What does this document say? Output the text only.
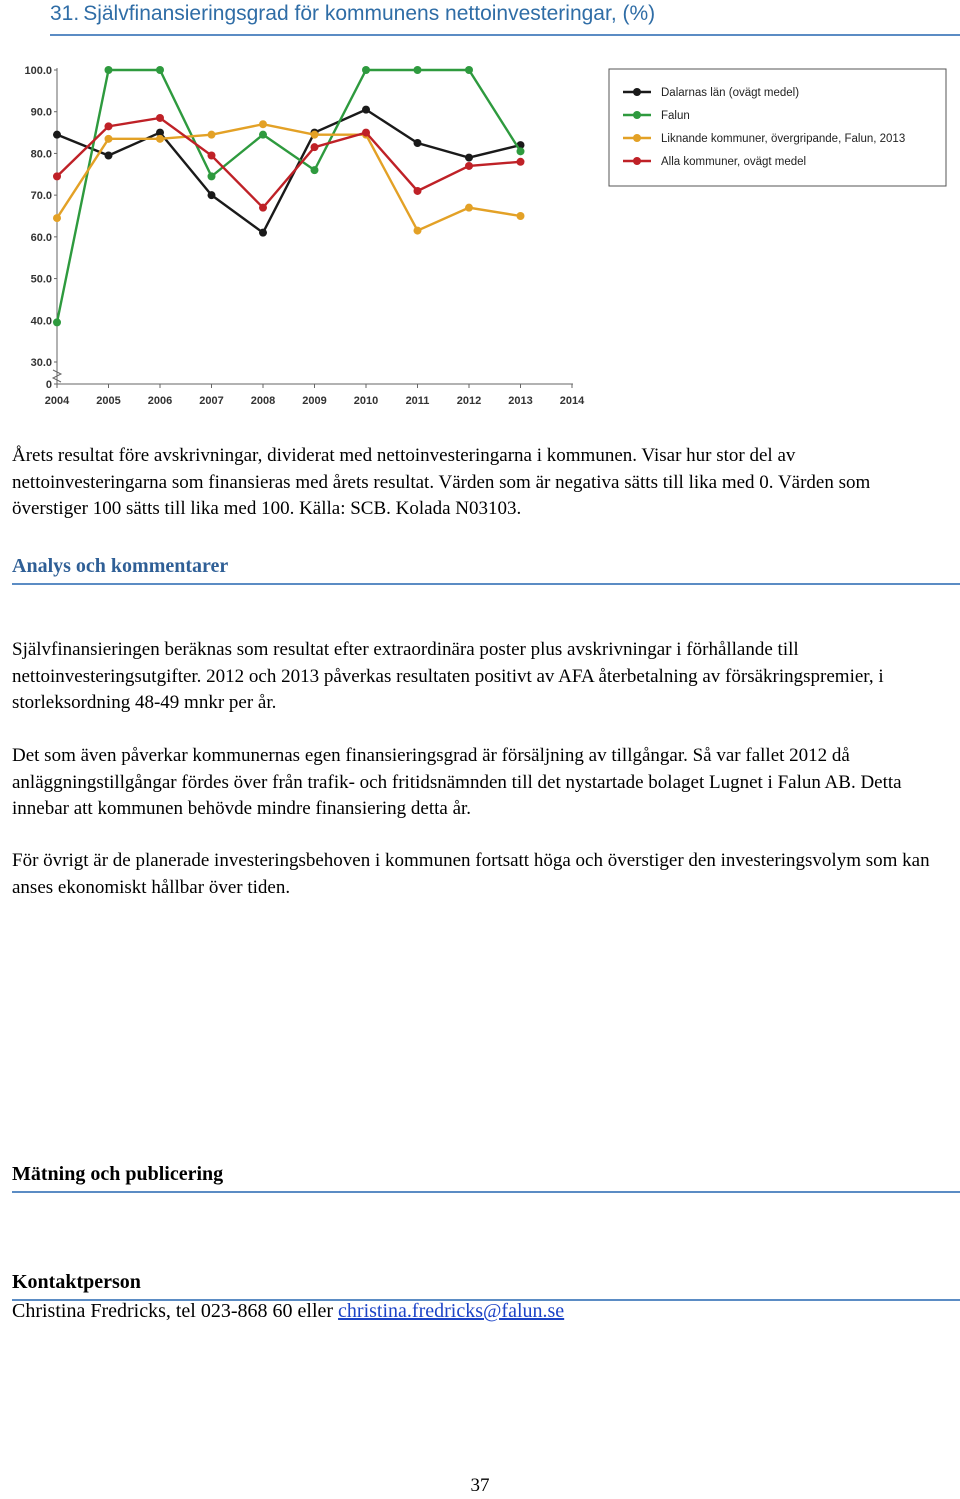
31. Självfinansieringsgrad för kommunens nettoinvesteringar, (%)
0
30.0
40.0
50.0
60.0
70.0
80.0
90.0
100.0
2004 2005 2006 2007 2008 2009 2010 2011 2012 2013 2014
Dalarnas län (ovägt medel)
Falun
Liknande kommuner, övergripande, Falun, 2013
Alla kommuner, ovägt medel
Årets resultat före avskrivningar, dividerat med nettoinvesteringarna i kommunen. Visar hur stor del av nettoinvesteringarna som finansieras med årets resultat. Värden som är negativa sätts till lika med 0. Värden som överstiger 100 sätts till lika med 100. Källa: SCB. Kolada N03103.
Analys och kommentarer
Självfinansieringen beräknas som resultat efter extraordinära poster plus avskrivningar i förhållande till nettoinvesteringsutgifter. 2012 och 2013 påverkas resultaten positivt av AFA återbetalning av försäkringspremier, i storleksordning 48-49 mnkr per år.
Det som även påverkar kommunernas egen finansieringsgrad är försäljning av tillgångar. Så var fallet 2012 då anläggningstillgångar fördes över från trafik- och fritidsnämnden till det nystartade bolaget Lugnet i Falun AB. Detta innebar att kommunen behövde mindre finansiering detta år.
För övrigt är de planerade investeringsbehoven i kommunen fortsatt höga och överstiger den investeringsvolym som kan anses ekonomiskt hållbar över tiden.
Mätning och publicering
Kontaktperson
Christina Fredricks, tel 023-868 60 eller christina.fredricks@falun.se
37
